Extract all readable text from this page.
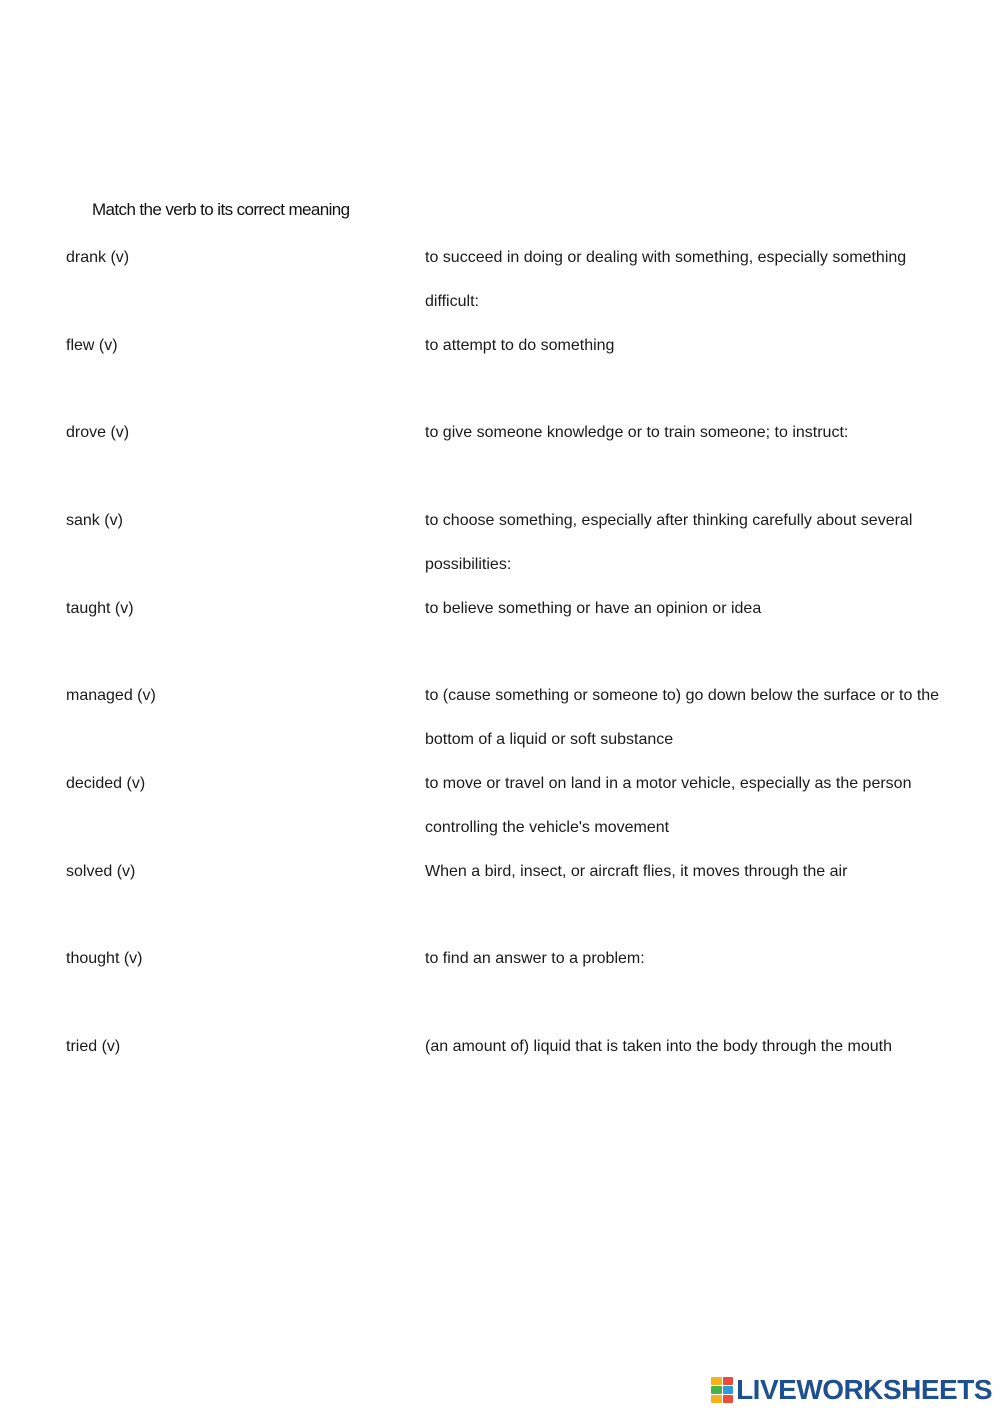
Match the verb to its correct meaning
drank (v)
flew (v)
drove (v)
sank (v)
taught (v)
managed (v)
decided (v)
solved (v)
thought (v)
tried (v)
to succeed in doing or dealing with something, especially something difficult:
to attempt to do something
to give someone knowledge or to train someone; to instruct:
to choose something, especially after thinking carefully about several possibilities:
to believe something or have an opinion or idea
to (cause something or someone to) go down below the surface or to the bottom of a liquid or soft substance
to move or travel on land in a motor vehicle, especially as the person controlling the vehicle's movement
When a bird, insect, or aircraft flies, it moves through the air
to find an answer to a problem:
(an amount of) liquid that is taken into the body through the mouth
LIVEWORKSHEETS
